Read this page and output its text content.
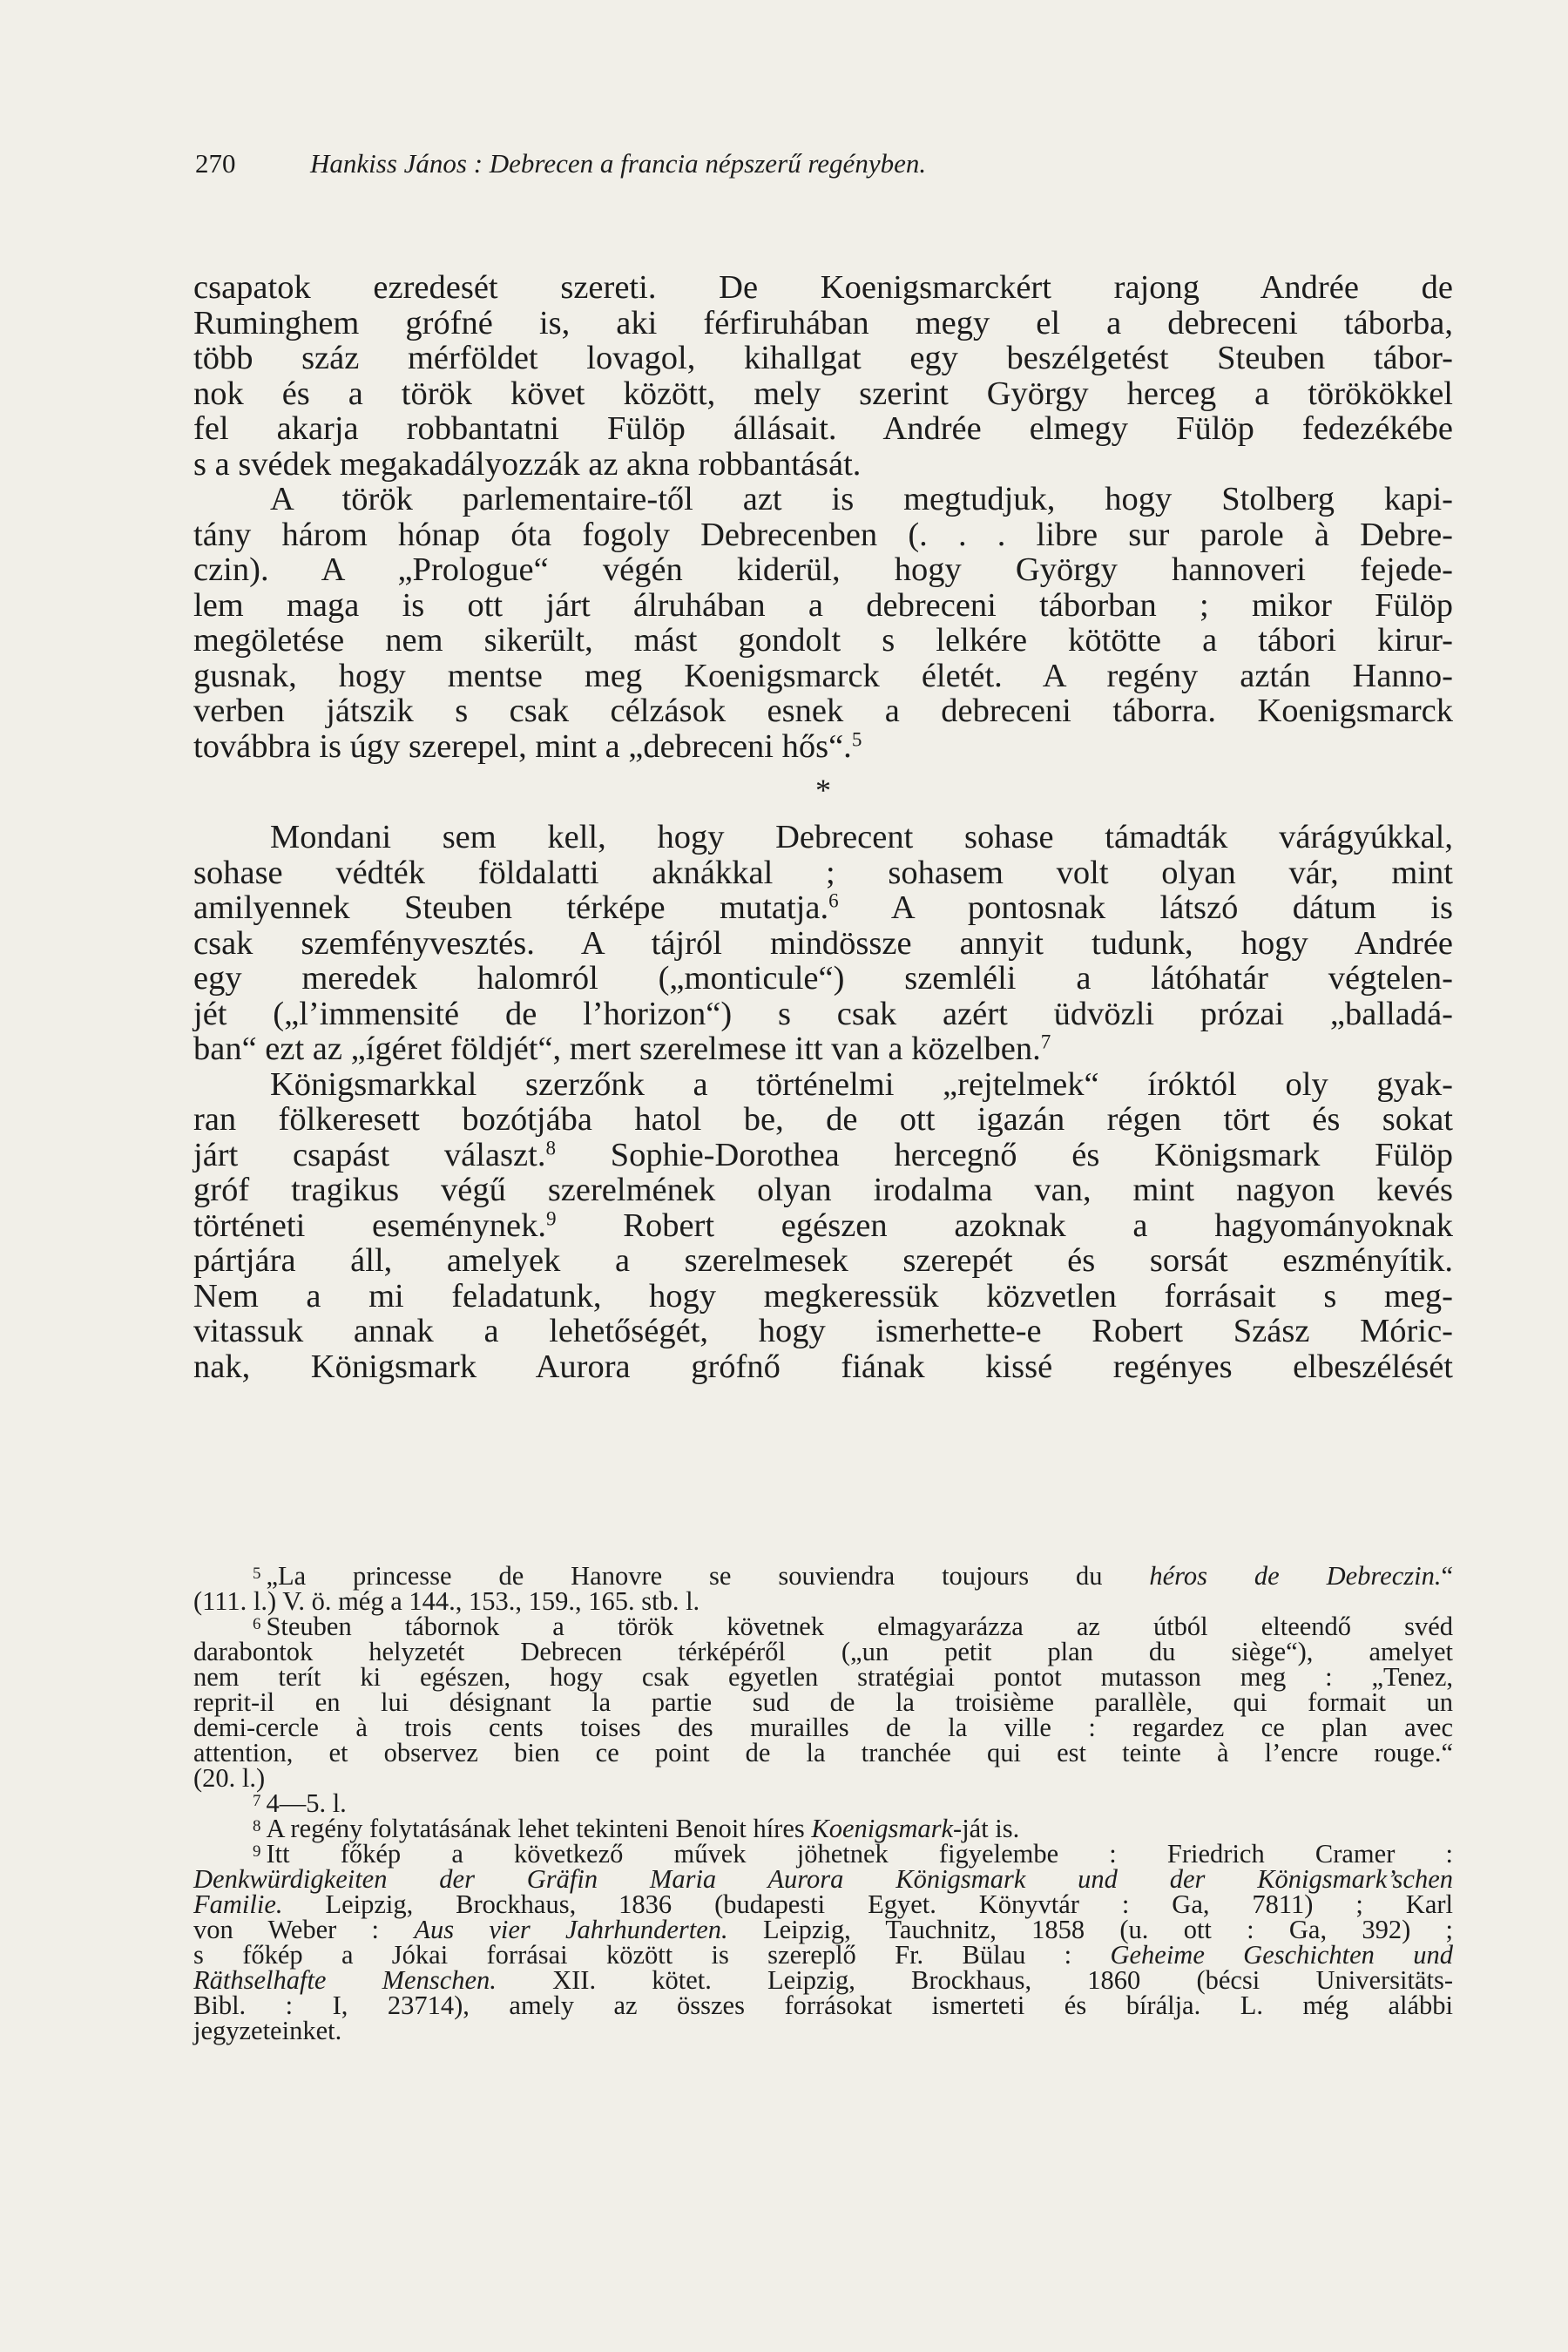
270	Hankiss János : Debrecen a francia népszerű regényben.
csapatok ezredesét szereti. De Koenigsmarckért rajong Andrée de
Ruminghem grófné is, aki férfiruhában megy el a debreceni táborba,
több száz mérföldet lovagol, kihallgat egy beszélgetést Steuben tábor-
nok és a török követ között, mely szerint György herceg a törökökkel
fel akarja robbantatni Fülöp állásait. Andrée elmegy Fülöp fedezékébe
s a svédek megakadályozzák az akna robbantását.
A török parlementaire-től azt is megtudjuk, hogy Stolberg kapi-
tány három hónap óta fogoly Debrecenben (. . . libre sur parole à Debre-
czin). A „Prologue“ végén kiderül, hogy György hannoveri fejede-
lem maga is ott járt álruhában a debreceni táborban ; mikor Fülöp
megöletése nem sikerült, mást gondolt s lelkére kötötte a tábori kirur-
gusnak, hogy mentse meg Koenigsmarck életét. A regény aztán Hanno-
verben játszik s csak célzások esnek a debreceni táborra. Koenigsmarck
továbbra is úgy szerepel, mint a „debreceni hős“.$^5$
*
Mondani sem kell, hogy Debrecent sohase támadták várágyúkkal,
sohase védték földalatti aknákkal ; sohasem volt olyan vár, mint
amilyennek Steuben térképe mutatja.$^6$ A pontosnak látszó dátum is
csak szemfényvesztés. A tájról mindössze annyit tudunk, hogy Andrée
egy meredek halomról („monticule“) szemléli a látóhatár végtelen-
jét („l’immensité de l’horizon“) s csak azért üdvözli prózai „balladá-
ban“ ezt az „ígéret földjét“, mert szerelmese itt van a közelben.$^7$
Königsmarkkal szerzőnk a történelmi „rejtelmek“ íróktól oly gyak-
ran fölkeresett bozótjába hatol be, de ott igazán régen tört és sokat
járt csapást választ.$^8$ Sophie-Dorothea hercegnő és Königsmark Fülöp
gróf tragikus végű szerelmének olyan irodalma van, mint nagyon kevés
történeti eseménynek.$^9$ Robert egészen azoknak a hagyományoknak
pártjára áll, amelyek a szerelmesek szerepét és sorsát eszményítik.
Nem a mi feladatunk, hogy megkeressük közvetlen forrásait s meg-
vitassuk annak a lehetőségét, hogy ismerhette-e Robert Szász Móric-
nak, Königsmark Aurora grófnő fiának kissé regényes elbeszélését
$^5$ „La princesse de Hanovre se souviendra toujours du héros de Debreczin.“
(111. l.) V. ö. még a 144., 153., 159., 165. stb. l.
$^6$ Steuben tábornok a török követnek elmagyarázza az útból elteendő svéd
darabontok helyzetét Debrecen térképéről („un petit plan du siège“), amelyet
nem terít ki egészen, hogy csak egyetlen stratégiai pontot mutasson meg : „Tenez,
reprit-il en lui désignant la partie sud de la troisième parallèle, qui formait un
demi-cercle à trois cents toises des murailles de la ville : regardez ce plan avec
attention, et observez bien ce point de la tranchée qui est teinte à l’encre rouge.“
(20. l.)
$^7$ 4—5. l.
$^8$ A regény folytatásának lehet tekinteni Benoit híres Koenigsmark-ját is.
$^9$ Itt főkép a következő művek jöhetnek figyelembe : Friedrich Cramer :
Denkwürdigkeiten der Gräfin Maria Aurora Königsmark und der Königsmark’schen
Familie. Leipzig, Brockhaus, 1836 (budapesti Egyet. Könyvtár : Ga, 7811) ; Karl
von Weber : Aus vier Jahrhunderten. Leipzig, Tauchnitz, 1858 (u. ott : Ga, 392) ;
s főkép a Jókai forrásai között is szereplő Fr. Bülau : Geheime Geschichten und
Räthselhafte Menschen. XII. kötet. Leipzig, Brockhaus, 1860 (bécsi Universitäts-
Bibl. : I, 23714), amely az összes forrásokat ismerteti és bírálja. L. még alábbi
jegyzeteinket.
